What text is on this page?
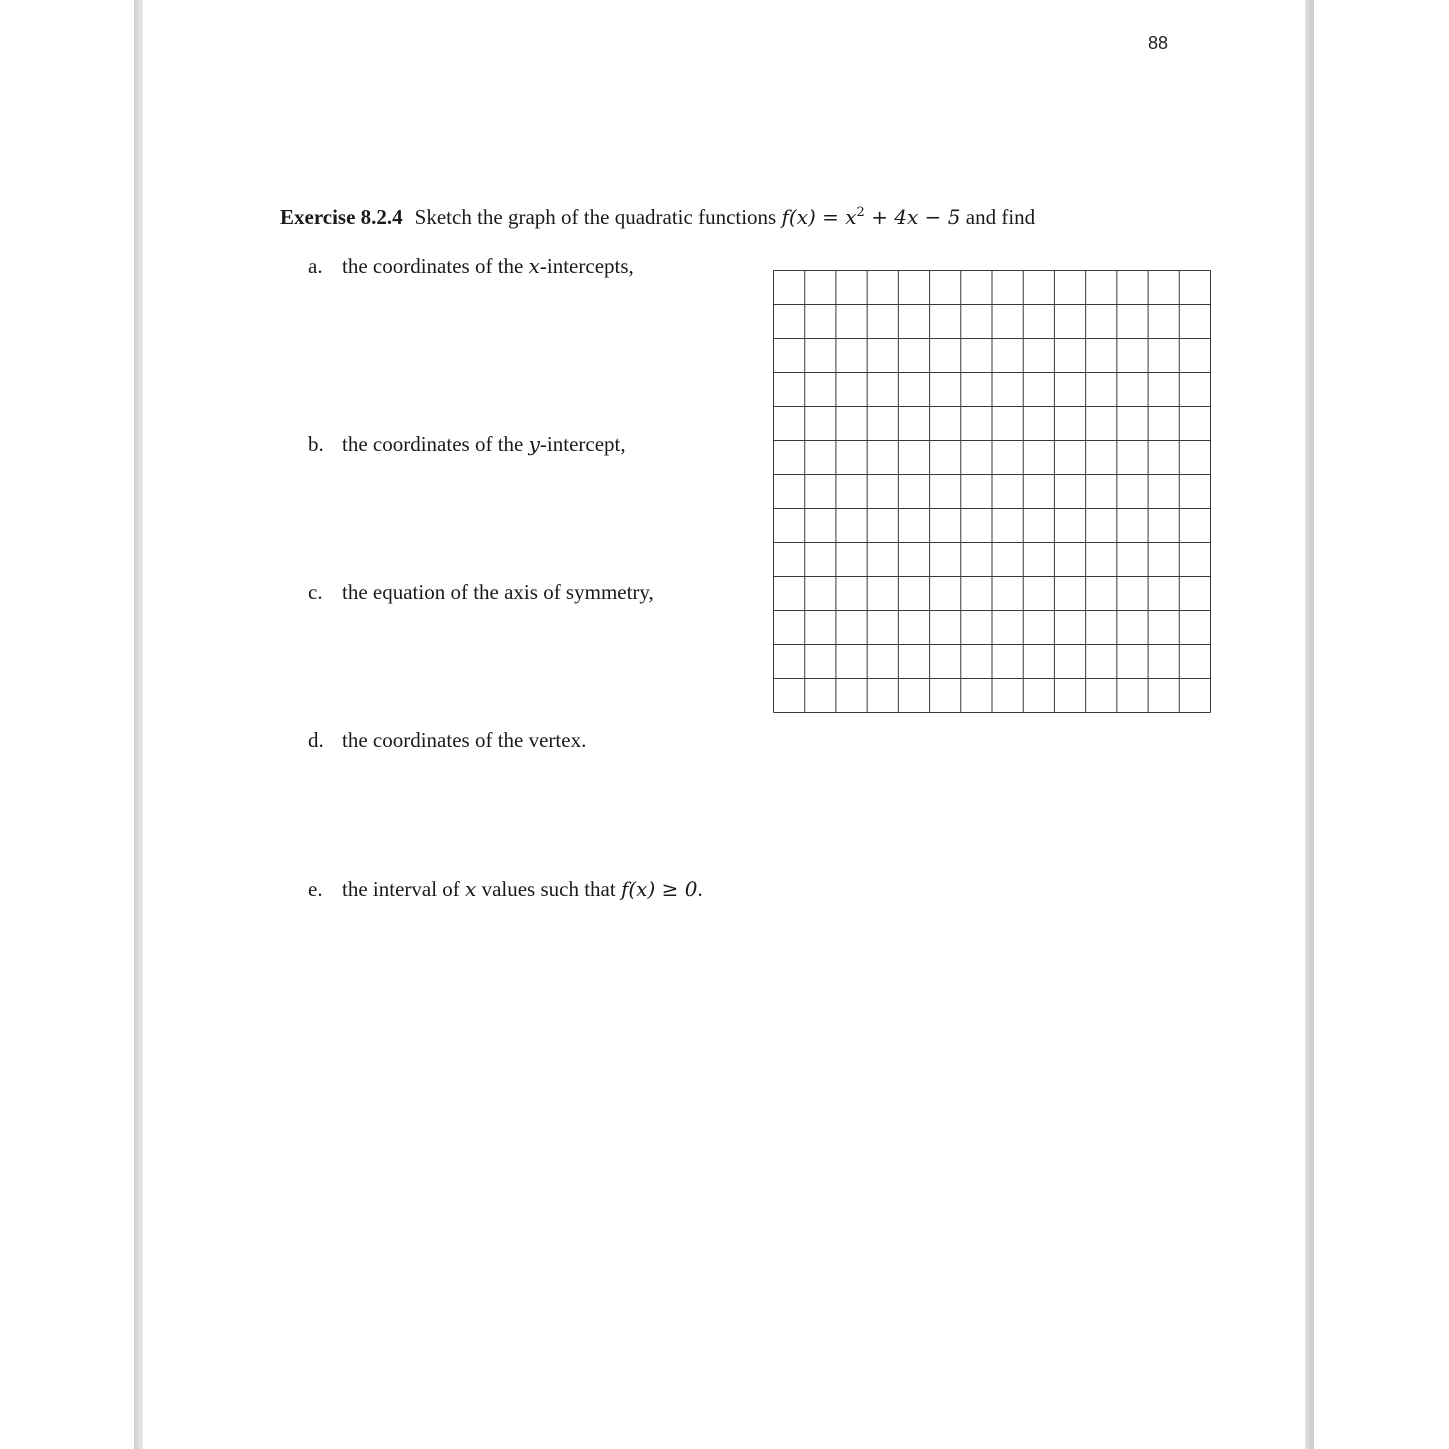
88
Exercise 8.2.4 Sketch the graph of the quadratic functions $f(x) = x^2 + 4x - 5$ and find
a. the coordinates of the x-intercepts,
b. the coordinates of the y-intercept,
c. the equation of the axis of symmetry,
d. the coordinates of the vertex.
e. the interval of x values such that f(x) ≥ 0.
